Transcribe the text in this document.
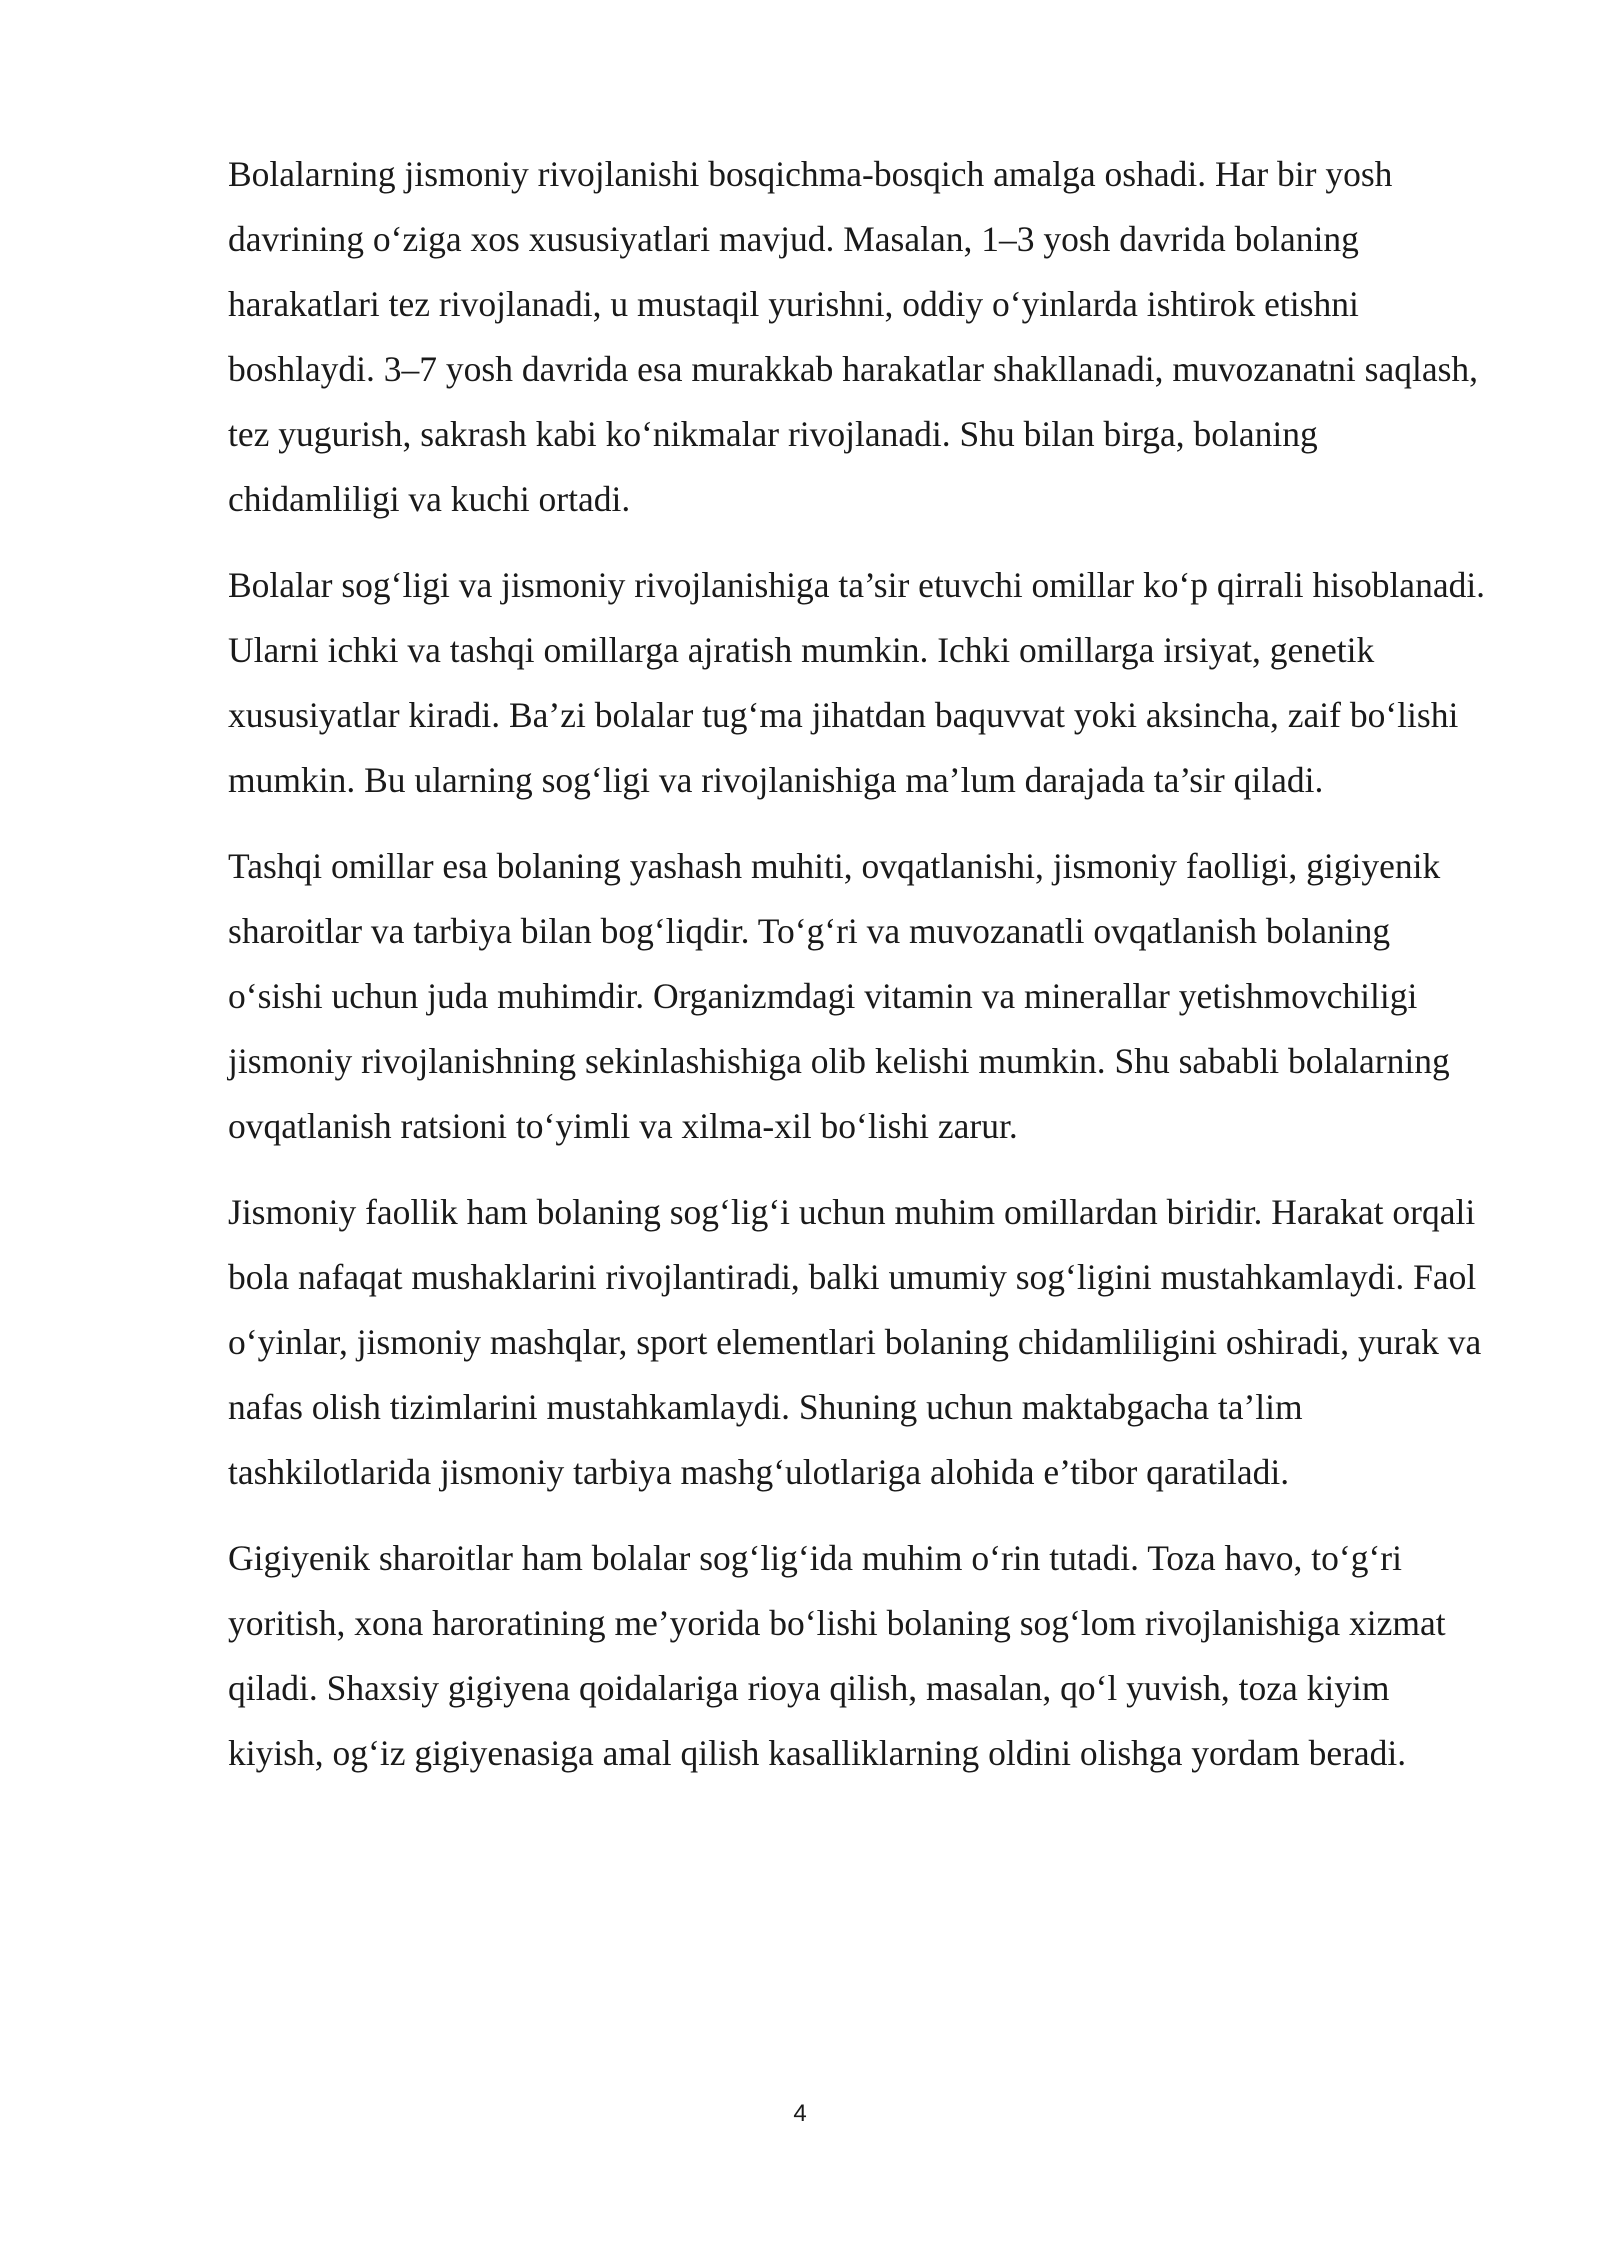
Bolalarning jismoniy rivojlanishi bosqichma-bosqich amalga oshadi. Har bir yosh davrining o‘ziga xos xususiyatlari mavjud. Masalan, 1–3 yosh davrida bolaning harakatlari tez rivojlanadi, u mustaqil yurishni, oddiy o‘yinlarda ishtirok etishni boshlaydi. 3–7 yosh davrida esa murakkab harakatlar shakllanadi, muvozanatni saqlash, tez yugurish, sakrash kabi ko‘nikmalar rivojlanadi. Shu bilan birga, bolaning chidamliligi va kuchi ortadi.

Bolalar sog‘ligi va jismoniy rivojlanishiga ta’sir etuvchi omillar ko‘p qirrali hisoblanadi. Ularni ichki va tashqi omillarga ajratish mumkin. Ichki omillarga irsiyat, genetik xususiyatlar kiradi. Ba’zi bolalar tug‘ma jihatdan baquvvat yoki aksincha, zaif bo‘lishi mumkin. Bu ularning sog‘ligi va rivojlanishiga ma’lum darajada ta’sir qiladi.

Tashqi omillar esa bolaning yashash muhiti, ovqatlanishi, jismoniy faolligi, gigiyenik sharoitlar va tarbiya bilan bog‘liqdir. To‘g‘ri va muvozanatli ovqatlanish bolaning o‘sishi uchun juda muhimdir. Organizmdagi vitamin va minerallar yetishmovchiligi jismoniy rivojlanishning sekinlashishiga olib kelishi mumkin. Shu sababli bolalarning ovqatlanish ratsioni to‘yimli va xilma-xil bo‘lishi zarur.

Jismoniy faollik ham bolaning sog‘lig‘i uchun muhim omillardan biridir. Harakat orqali bola nafaqat mushaklarini rivojlantiradi, balki umumiy sog‘ligini mustahkamlaydi. Faol o‘yinlar, jismoniy mashqlar, sport elementlari bolaning chidamliligini oshiradi, yurak va nafas olish tizimlarini mustahkamlaydi. Shuning uchun maktabgacha ta’lim tashkilotlarida jismoniy tarbiya mashg‘ulotlariga alohida e’tibor qaratiladi.

Gigiyenik sharoitlar ham bolalar sog‘lig‘ida muhim o‘rin tutadi. Toza havo, to‘g‘ri yoritish, xona haroratining me’yorida bo‘lishi bolaning sog‘lom rivojlanishiga xizmat qiladi. Shaxsiy gigiyena qoidalariga rioya qilish, masalan, qo‘l yuvish, toza kiyim kiyish, og‘iz gigiyenasiga amal qilish kasalliklarning oldini olishga yordam beradi.

4
